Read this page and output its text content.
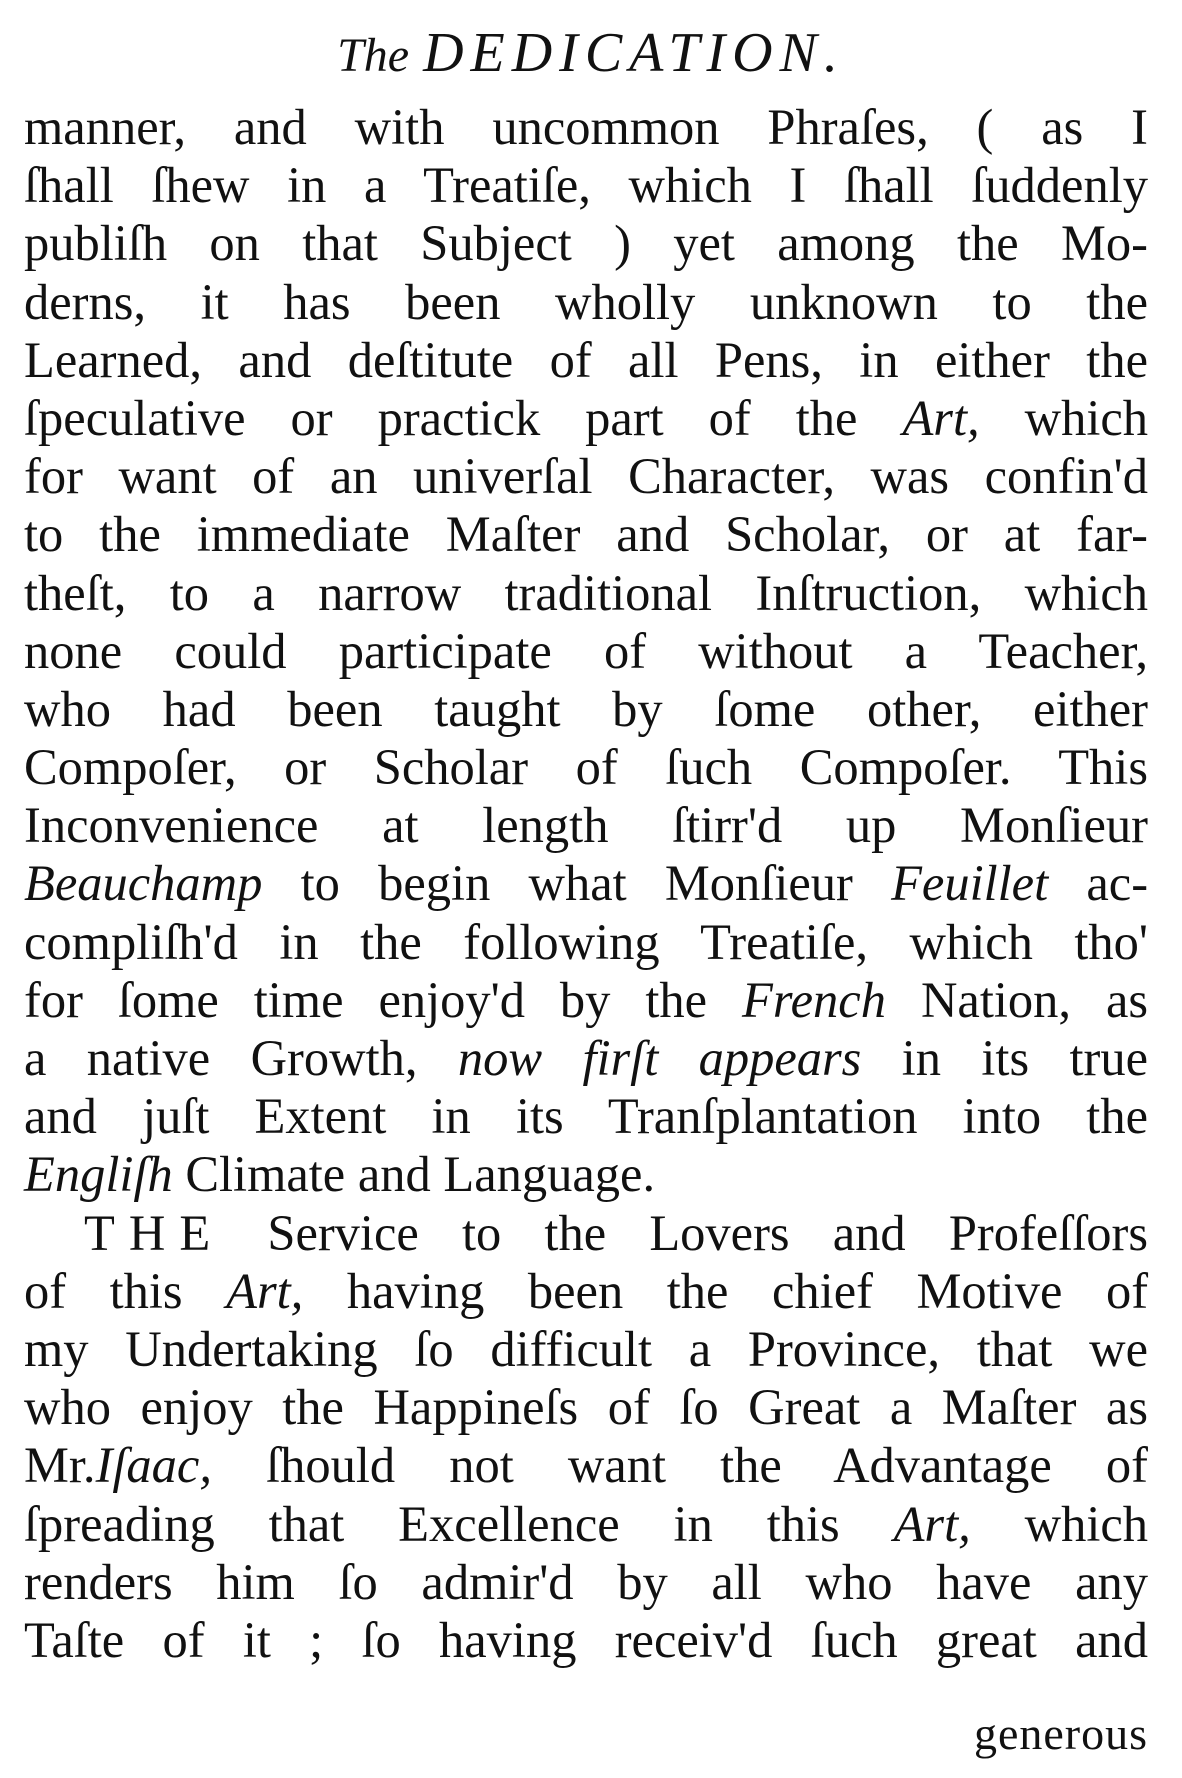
The DEDICATION.
manner, and with uncommon Phraſes, ( as I
ſhall ſhew in a Treatiſe, which I ſhall ſuddenly
publiſh on that Subject ) yet among the Mo-
derns, it has been wholly unknown to the
Learned, and deſtitute of all Pens, in either the
ſpeculative or practick part of the Art, which
for want of an univerſal Character, was confin'd
to the immediate Maſter and Scholar, or at far-
theſt, to a narrow traditional Inſtruction, which
none could participate of without a Teacher,
who had been taught by ſome other, either
Compoſer, or Scholar of ſuch Compoſer. This
Inconvenience at length ſtirr'd up Monſieur
Beauchamp to begin what Monſieur Feuillet ac-
compliſh'd in the following Treatiſe, which tho'
for ſome time enjoy'd by the French Nation, as
a native Growth, now firſt appears in its true
and juſt Extent in its Tranſplantation into the
Engliſh Climate and Language.
THE Service to the Lovers and Profeſſors
of this Art, having been the chief Motive of
my Undertaking ſo difficult a Province, that we
who enjoy the Happineſs of ſo Great a Maſter as
Mr.Iſaac, ſhould not want the Advantage of
ſpreading that Excellence in this Art, which
renders him ſo admir'd by all who have any
Taſte of it ; ſo having receiv'd ſuch great and
generous
